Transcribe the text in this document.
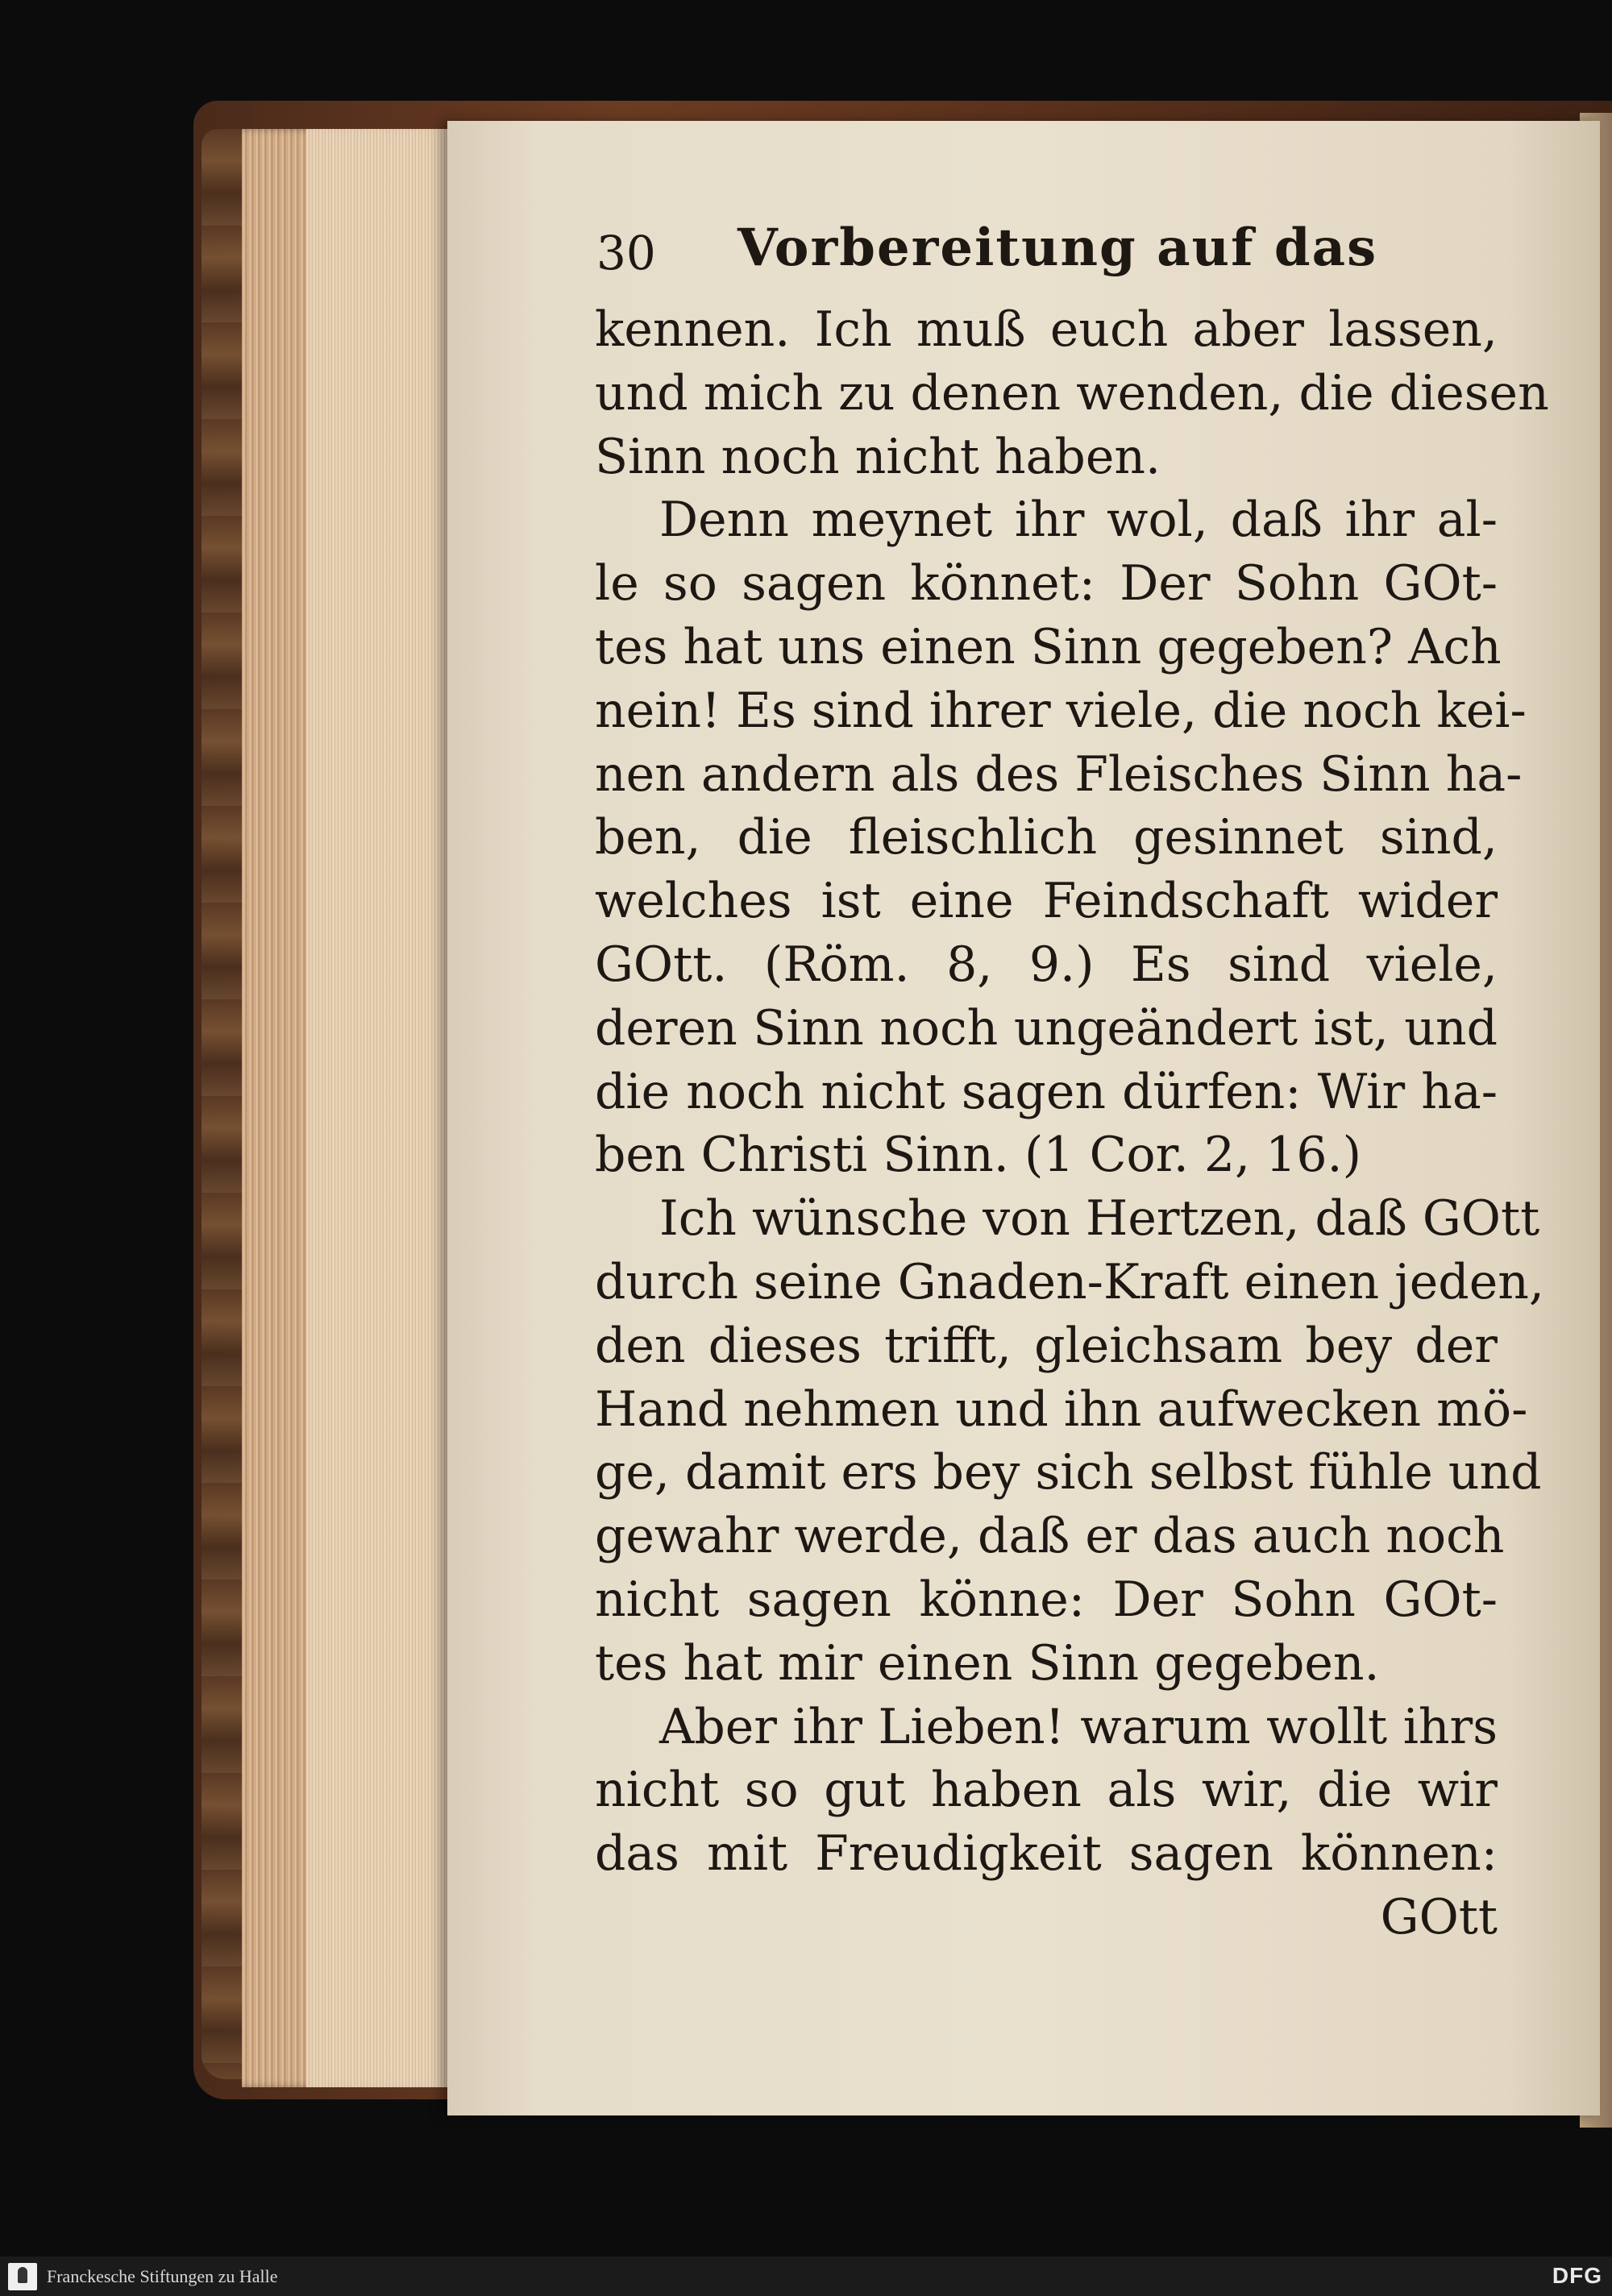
30 Vorbereitung auf das
kennen. Ich muß euch aber lassen,
und mich zu denen wenden, die diesen
Sinn noch nicht haben.
Denn meynet ihr wol, daß ihr al-
le so sagen könnet: Der Sohn GOt-
tes hat uns einen Sinn gegeben? Ach
nein! Es sind ihrer viele, die noch kei-
nen andern als des Fleisches Sinn ha-
ben, die fleischlich gesinnet sind,
welches ist eine Feindschaft wider
GOtt. (Röm. 8, 9.) Es sind viele,
deren Sinn noch ungeändert ist, und
die noch nicht sagen dürfen: Wir ha-
ben Christi Sinn. (1 Cor. 2, 16.)
Ich wünsche von Hertzen, daß GOtt
durch seine Gnaden-Kraft einen jeden,
den dieses trifft, gleichsam bey der
Hand nehmen und ihn aufwecken mö-
ge, damit ers bey sich selbst fühle und
gewahr werde, daß er das auch noch
nicht sagen könne: Der Sohn GOt-
tes hat mir einen Sinn gegeben.
Aber ihr Lieben! warum wollt ihrs
nicht so gut haben als wir, die wir
das mit Freudigkeit sagen können:
GOtt
Franckesche Stiftungen zu Halle	DFG
